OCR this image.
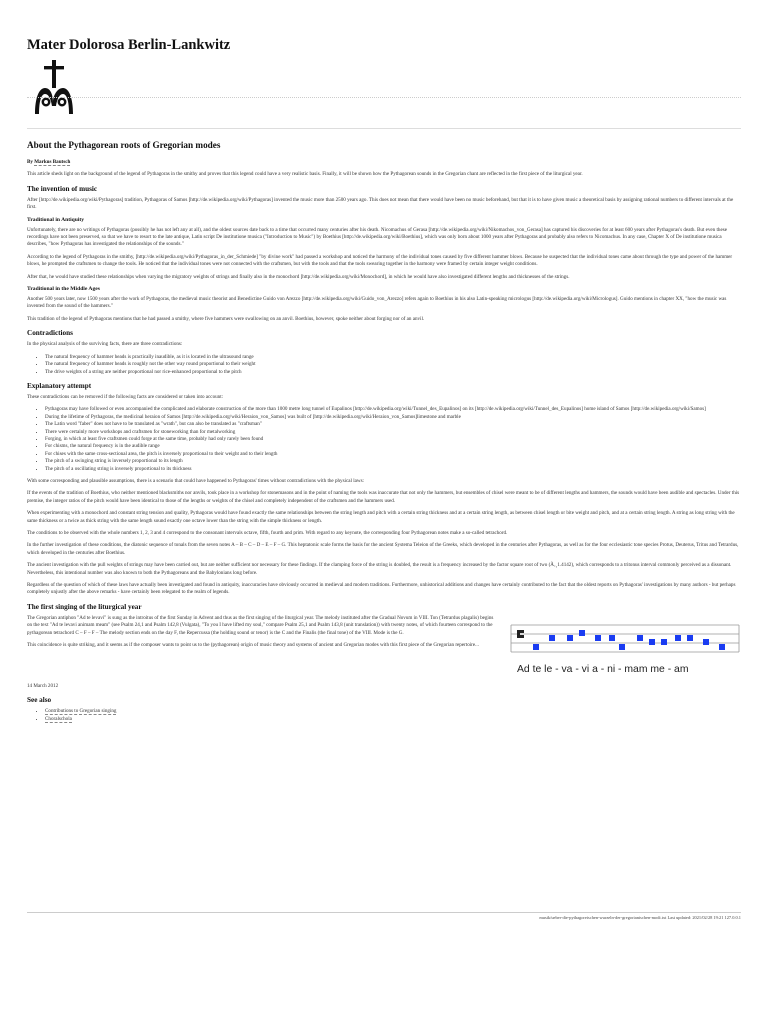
Mater Dolorosa Berlin-Lankwitz
About the Pythagorean roots of Gregorian modes

By Markus Bautsch

This article sheds light on the background of the legend of Pythagoras in the smithy and proves that this legend could have a very realistic basis. Finally, it will be shown how the Pythagorean sounds in the Gregorian chant are reflected in the first piece of the liturgical year.

The invention of music

After [http://de.wikipedia.org/wiki/Pythagoras] tradition, Pythagoras of Samos [http://de.wikipedia.org/wiki/Pythagoras] invented the music more than 2500 years ago. This does not mean that there would have been no music beforehand, but that it is to have given music a theoretical basis by assigning rational numbers to different intervals at the first.

Traditional in Antiquity

Unfortunately, there are no writings of Pythagoras (possibly he has not left any at all), and the oldest sources date back to a time that occurred many centuries after his death. Nicomachus of Gerasa [http://de.wikipedia.org/wiki/Nikomachos_von_Gerasa] has captured his discoveries for at least 600 years after Pythagoras's death. But even these recordings have not been preserved, so that we have to resort to the late antique, Latin script De institutione musica ("Introduction to Music") by Boethius [http://de.wikipedia.org/wiki/Boethius], which was only born about 1000 years after Pythagoras and probably also refers to Nicomachus. In any case, Chapter X of De institutione musica describes, "how Pythagoras has investigated the relationships of the sounds."

According to the legend of Pythagoras in the smithy, [http://de.wikipedia.org/wiki/Pythagoras_in_der_Schmiede] "by divine work" had passed a workshop and noticed the harmony of the individual tones caused by five different hammer blows. Because he suspected that the individual tones came about through the type and power of the hammer blows, he prompted the craftsmen to change the tools. He noticed that the individual tones were not connected with the craftsmen, but with the tools and that the tools swearing together in the harmony were framed by certain integer weight conditions.

After that, he would have studied these relationships when varying the migratory weights of strings and finally also in the monochord [http://de.wikipedia.org/wiki/Monochord], in which he would have also investigated different lengths and thicknesses of the strings.

Traditional in the Middle Ages

Another 500 years later, now 1500 years after the work of Pythagoras, the medieval music theorist and Benedictine Guido von Arezzo [http://de.wikipedia.org/wiki/Guido_von_Arezzo] refers again to Boethius in his also Latin-speaking micrologus [http://de.wikipedia.org/wiki/Micrologus]. Guido mentions in chapter XX, "how the music was invented from the sound of the hammers."

This tradition of the legend of Pythagoras mentions that he had passed a smithy, where five hammers were swallowing on an anvil. Boethius, however, spoke neither about forging nor of an anvil.

Contradictions

In the physical analysis of the surviving facts, there are three contradictions:

• The natural frequency of hammer heads is practically inaudible, as it is located in the ultrasound range
• The natural frequency of hammer heads is roughly not the other way round proportional to their weight
• The drive weights of a string are neither proportional nor rice-enhanced proportional to the pitch
Explanatory attempt

These contradictions can be removed if the following facts are considered or taken into account:

• Pythagoras may have followed or even accompanied the complicated and elaborate construction of the more than 1000 metre long tunnel of Eupalinos [http://de.wikipedia.org/wiki/Tunnel_des_Eupalinos] on its [http://de.wikipedia.org/wiki/Tunnel_des_Eupalinos] home island of Samos [http://de.wikipedia.org/wiki/Samos]
• During the lifetime of Pythagoras, the medicinal heraion of Samos [http://de.wikipedia.org/wiki/Heraion_von_Samos] was built of [http://de.wikipedia.org/wiki/Heraion_von_Samos]limestone and marble
• The Latin word "faber" does not have to be translated as "wrath", but can also be translated as "craftsman"
• There were certainly more workshops and craftsmen for stoneworking than for metalworking
• Forging, in which at least five craftsmen could forge at the same time, probably had only rarely been found
• For chisms, the natural frequency is in the audible range
• For chises with the same cross-sectional area, the pitch is inversely proportional to their weight and to their length
• The pitch of a swinging string is inversely proportional to its length
• The pitch of a oscillating string is inversely proportional to its thickness

With some corresponding and plausible assumptions, there is a scenario that could have happened to Pythagoras' times without contradictions with the physical laws:

If the events of the tradition of Boethius, who neither mentioned blacksmiths nor anvils, took place in a workshop for stonemasons and in the point of naming the tools was inaccurate that not only the hammers, but ensembles of chisel were meant to be of different lengths and hammers, the sounds would have been audible and spectacles. Under this premise, the integer ratios of the pitch would have been identical to those of the lengths or weights of the chisel and completely independent of the craftsmen and the hammers used.

When experimenting with a monochord and constant string tension and quality, Pythagoras would have found exactly the same relationships between the string length and pitch with a certain string thickness and at a certain string length, as between chisel length or bite weight and pitch, and at a certain string length. A string as long string with the same thickness or a twice as thick string with the same length sound exactly one octave lower than the string with the simple thickness or length.

The conditions to be observed with the whole numbers 1, 2, 3 and 4 correspond to the consonant intervals octave, fifth, fourth and prim. With regard to any keynote, the corresponding four Pythagorean notes make a so-called tetrachord.

In the further investigation of these conditions, the diatonic sequence of tonals from the seven notes A – B – C – D – E – F – G. This heptatonic scale forms the basis for the ancient Systema Teleion of the Greeks, which developed in the centuries after Pythagoras, as well as for the four ecclesiastic tone species Protus, Deuterus, Tritus and Tetrardus, which developed in the centuries after Boethius.

The ancient investigation with the pull weights of strings may have been carried out, but are neither sufficient nor necessary for these findings. If the clamping force of the string is doubled, the result is a frequency increased by the factor square root of two (Ã‚¸1.4142), which corresponds to a tritonus interval commonly perceived as a dissonant. Nevertheless, this intentional number was also known to both the Pythagoreans and the Babylonians long before.

Regardless of the question of which of these laws have actually been investigated and found in antiquity, inaccuracies have obviously occurred in medieval and modern traditions. Furthermore, unhistorical additions and changes have certainly contributed to the fact that the oldest reports on Pythagoras' investigations by many authors - but perhaps completely unjustly after the above remarks - have certainly been relegated to the realm of legends.

The first singing of the liturgical year

The Gregorian antiphon "Ad te levavi" is sung as the introitus of the first Sunday in Advent and thus as the first singing of the liturgical year. The melody instituted after the Gradual Novum in VIII. Ton (Tetrardus plagalis) begins on the text "Ad te levavi animam meam" (see Psalm 24,1 and Psalm 142,8 (Vulgata), "To you I have lifted my soul," compare Psalm 25,1 and Psalm 143,8 (unit translation)) with twenty notes, of which fourteen correspond to the pythagorean tetrachord C – F – F – The melody section ends on the day F, the Repercussa (the holding sound or tenor) is the C and the Finalis (the final tone) of the VIII. Mode is the G.

This coincidence is quite striking, and it seems as if the composer wants to point us to the (pythagorean) origin of music theory and systems of ancient and Gregorian modes with this first piece of the Gregorian repertoire...

Ad te le - va - vi a - ni - mam me - am

14 March 2012

See also
• Contributions to Gregorian singing
• Choralschola
musik/ueber-die-pythagoreischen-wurzeln-der-gregorianischen-modi.txt Last updated: 2021/02/28 19:21 127.0.0.1
